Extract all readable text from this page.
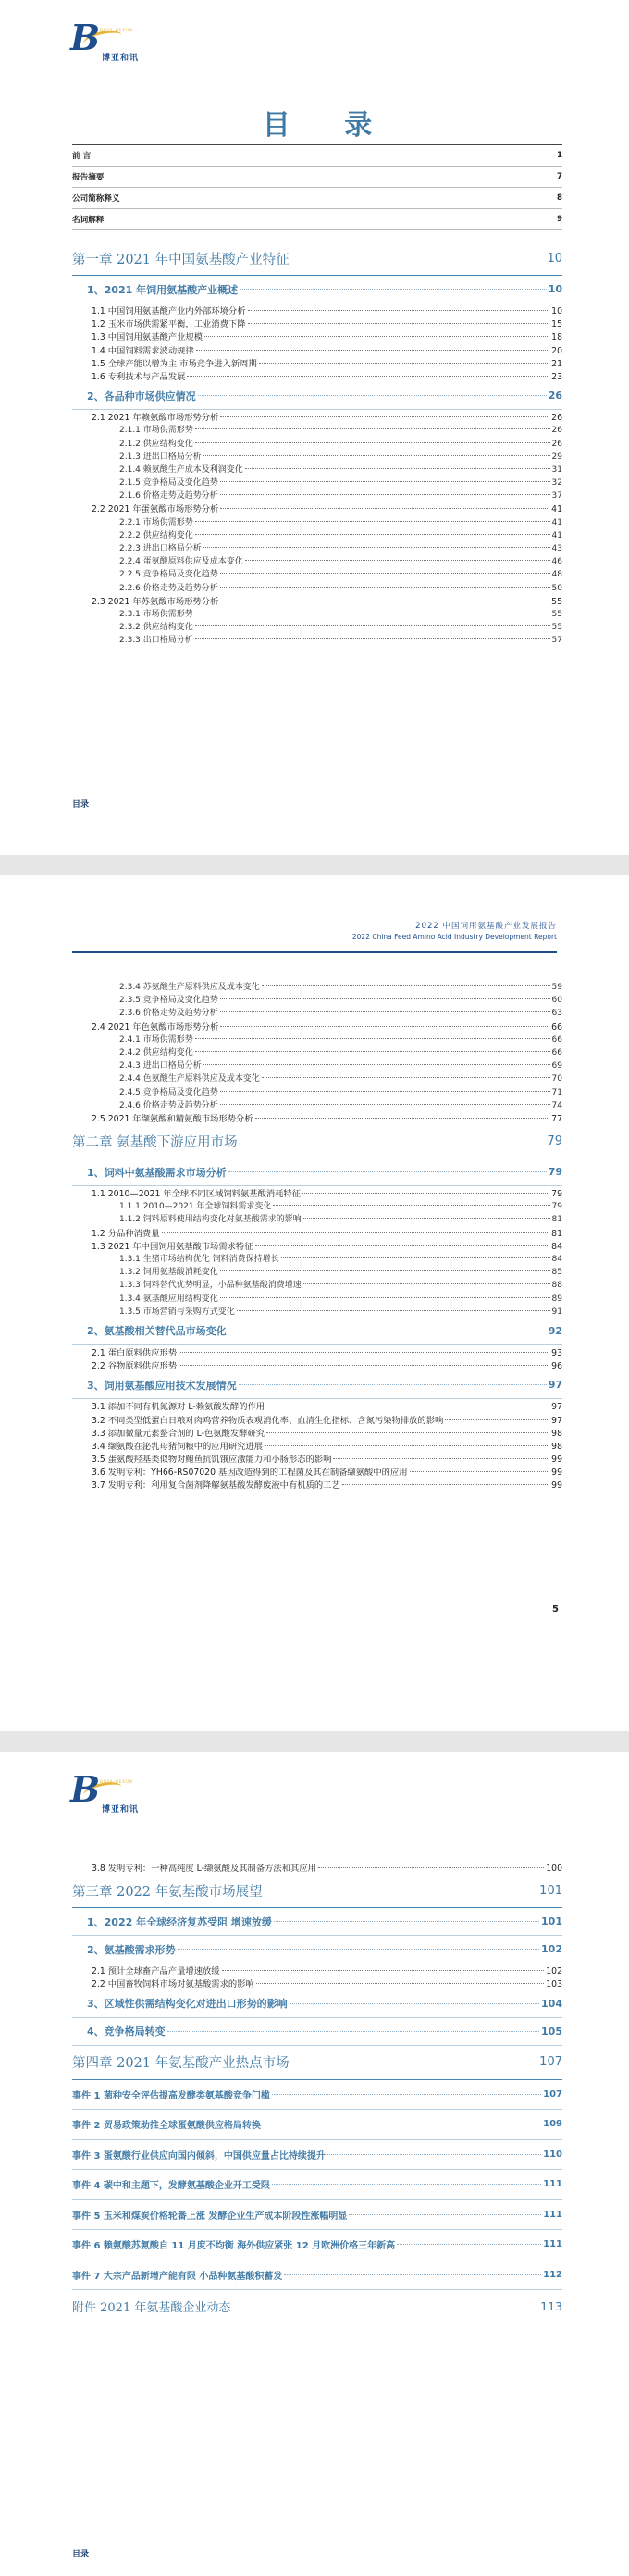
B BOYA·HEXUN
博亚和讯
目 录
前 言	1
报告摘要	7
公司简称释义	8
名词解释	9
第一章 2021 年中国氨基酸产业特征	10
1、2021 年饲用氨基酸产业概述	10
1.1 中国饲用氨基酸产业内外部环境分析	10
1.2 玉米市场供需紧平衡，工业消费下降	15
1.3 中国饲用氨基酸产业规模	18
1.4 中国饲料需求波动规律	20
1.5 全球产能以增为主 市场竞争进入新周期	21
1.6 专利技术与产品发展	23
2、各品种市场供应情况	26
2.1 2021 年赖氨酸市场形势分析	26
2.1.1 市场供需形势	26
2.1.2 供应结构变化	26
2.1.3 进出口格局分析	29
2.1.4 赖氨酸生产成本及利润变化	31
2.1.5 竞争格局及变化趋势	32
2.1.6 价格走势及趋势分析	37
2.2 2021 年蛋氨酸市场形势分析	41
2.2.1 市场供需形势	41
2.2.2 供应结构变化	41
2.2.3 进出口格局分析	43
2.2.4 蛋氨酸原料供应及成本变化	46
2.2.5 竞争格局及变化趋势	48
2.2.6 价格走势及趋势分析	50
2.3 2021 年苏氨酸市场形势分析	55
2.3.1 市场供需形势	55
2.3.2 供应结构变化	55
2.3.3 出口格局分析	57
目录
2022 中国饲用氨基酸产业发展报告
2022 China Feed Amino Acid Industry Development Report
2.3.4 苏氨酸生产原料供应及成本变化	59
2.3.5 竞争格局及变化趋势	60
2.3.6 价格走势及趋势分析	63
2.4 2021 年色氨酸市场形势分析	66
2.4.1 市场供需形势	66
2.4.2 供应结构变化	66
2.4.3 进出口格局分析	69
2.4.4 色氨酸生产原料供应及成本变化	70
2.4.5 竞争格局及变化趋势	71
2.4.6 价格走势及趋势分析	74
2.5 2021 年缬氨酸和精氨酸市场形势分析	77
第二章 氨基酸下游应用市场	79
1、饲料中氨基酸需求市场分析	79
1.1 2010—2021 年全球不同区域饲料氨基酸消耗特征	79
1.1.1 2010—2021 年全球饲料需求变化	79
1.1.2 饲料原料使用结构变化对氨基酸需求的影响	81
1.2 分品种消费量	81
1.3 2021 年中国饲用氨基酸市场需求特征	84
1.3.1 生猪市场结构优化 饲料消费保持增长	84
1.3.2 饲用氨基酸消耗变化	85
1.3.3 饲料替代优势明显，小品种氨基酸消费增速	88
1.3.4 氨基酸应用结构变化	89
1.3.5 市场营销与采购方式变化	91
2、氨基酸相关替代品市场变化	92
2.1 蛋白原料供应形势	93
2.2 谷物原料供应形势	96
3、饲用氨基酸应用技术发展情况	97
3.1 添加不同有机氮源对 L-赖氨酸发酵的作用	97
3.2 不同类型低蛋白日粮对肉鸡营养物质表观消化率、血清生化指标、含氮污染物排放的影响	97
3.3 添加微量元素螯合剂的 L-色氨酸发酵研究	98
3.4 缬氨酸在泌乳母猪饲粮中的应用研究进展	98
3.5 蛋氨酸羟基类似物对鲍鱼抗饥饿应激能力和小肠形态的影响	99
3.6 发明专利：YH66-RS07020 基因改造得到的工程菌及其在制备缬氨酸中的应用	99
3.7 发明专利：利用复合菌剂降解氨基酸发酵废液中有机质的工艺	99
5
B BOYA·HEXUN
博亚和讯
3.8 发明专利：一种高纯度 L-缬氨酸及其制备方法和其应用	100
第三章 2022 年氨基酸市场展望	101
1、2022 年全球经济复苏受阻 增速放缓	101
2、氨基酸需求形势	102
2.1 预计全球畜产品产量增速放缓	102
2.2 中国畜牧饲料市场对氨基酸需求的影响	103
3、区域性供需结构变化对进出口形势的影响	104
4、竞争格局转变	105
第四章 2021 年氨基酸产业热点市场	107
事件 1 菌种安全评估提高发酵类氨基酸竞争门槛	107
事件 2 贸易政策助推全球蛋氨酸供应格局转换	109
事件 3 蛋氨酸行业供应向国内倾斜，中国供应量占比持续提升	110
事件 4 碳中和主题下，发酵氨基酸企业开工受限	111
事件 5 玉米和煤炭价格轮番上涨 发酵企业生产成本阶段性涨幅明显	111
事件 6 赖氨酸苏氨酸自 11 月度不均衡 海外供应紧张 12 月欧洲价格三年新高	111
事件 7 大宗产品新增产能有限 小品种氨基酸积蓄发	112
附件 2021 年氨基酸企业动态	113
目录
